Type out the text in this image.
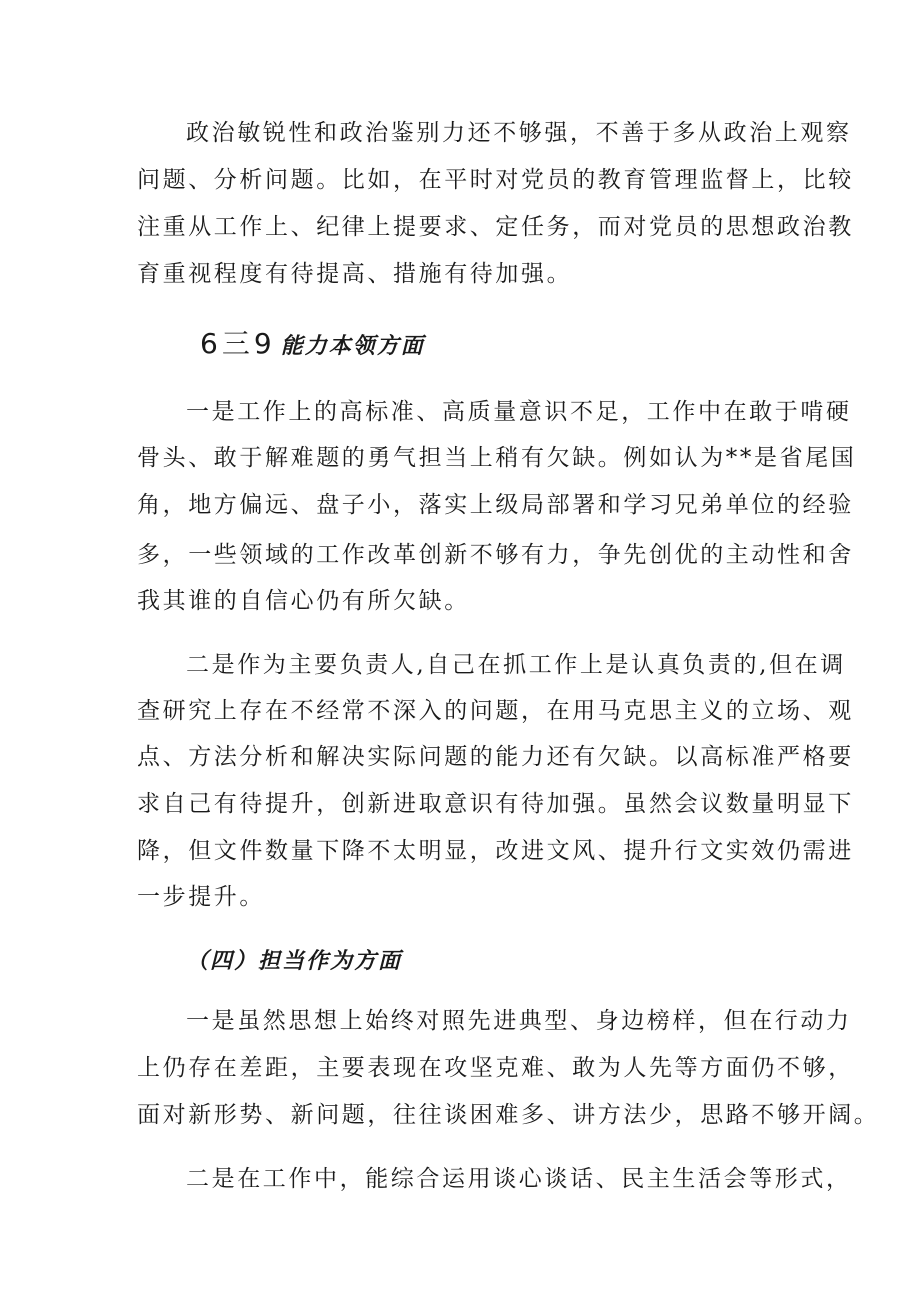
政治敏锐性和政治鉴别力还不够强，不善于多从政治上观察
问题、分析问题。比如，在平时对党员的教育管理监督上，比较
注重从工作上、纪律上提要求、定任务，而对党员的思想政治教
育重视程度有待提高、措施有待加强。
6三9 能力本领方面
一是工作上的高标准、高质量意识不足，工作中在敢于啃硬
骨头、敢于解难题的勇气担当上稍有欠缺。例如认为**是省尾国
角，地方偏远、盘子小，落实上级局部署和学习兄弟单位的经验
多，一些领域的工作改革创新不够有力，争先创优的主动性和舍
我其谁的自信心仍有所欠缺。
二是作为主要负责人,自己在抓工作上是认真负责的,但在调
查研究上存在不经常不深入的问题，在用马克思主义的立场、观
点、方法分析和解决实际问题的能力还有欠缺。以高标准严格要
求自己有待提升，创新进取意识有待加强。虽然会议数量明显下
降，但文件数量下降不太明显，改进文风、提升行文实效仍需进
一步提升。
（四）担当作为方面
一是虽然思想上始终对照先进典型、身边榜样，但在行动力
上仍存在差距，主要表现在攻坚克难、敢为人先等方面仍不够，
面对新形势、新问题，往往谈困难多、讲方法少，思路不够开阔。
二是在工作中，能综合运用谈心谈话、民主生活会等形式，
